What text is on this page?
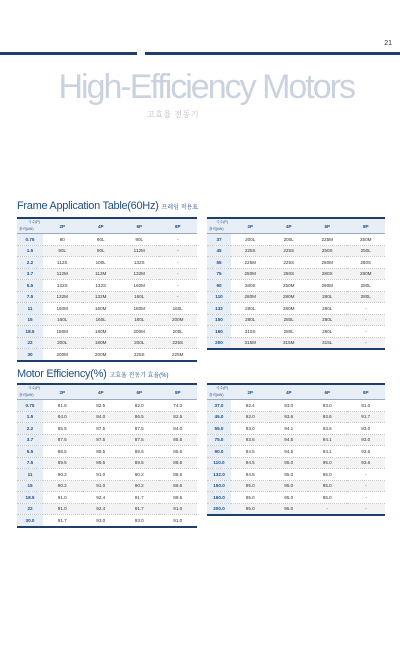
21
High-Efficiency Motors
고효율 전동기
Frame Application Table(60Hz) 프레임 적용표
극수(P)
출력(kW)	2P	4P	6P	8P
0.75	80	90L	90L	-
1.5	90L	90L	112M	-
2.2	112S	100L	132S	-
3.7	112M	112M	132M	-
5.5	132S	132S	160M	-
7.5	132M	132M	160L	-
11	160M	160M	180M	160L
15	160L	160L	180L	200M
18.5	180M	180M	200M	200L
22	200L	180M	200L	225S
30	200M	200M	225S	225M
극수(P)
출력(kW)	2P	4P	6P	8P
37	200L	200L	225M	250M
45	225S	225S	250S	250L
55	225M	225S	250M	280S
75	250M	250S	280S	280M
90	280S	250M	280M	280L
110	280M	280M	280L	280L
132	280L	280M	280L	-
150	280L	280L	280L	-
160	315S	280L	280L	-
200	315M	315M	315L	-
Motor Efficiency(%) 고효율 전동기 효율(%)
극수(P)
출력(kW)	2P	4P	6P	8P
0.75	81.6	82.5	82.0	74.0
1.5	84.0	84.0	86.5	82.5
2.2	85.5	87.5	87.5	84.0
3.7	87.5	87.5	87.5	85.5
5.5	88.5	89.5	89.5	85.5
7.5	89.5	89.5	89.5	88.5
11	90.2	91.0	90.2	88.5
15	90.2	91.0	90.2	89.5
18.5	91.0	92.4	91.7	89.5
22	91.0	92.4	91.7	91.0
30.0	91.7	93.0	93.0	91.0
극수(P)
출력(kW)	2P	4P	6P	8P
37.0	92.4	93.0	93.0	91.0
45.0	93.0	93.6	93.6	91.7
55.0	93.0	94.1	93.6	93.0
75.0	93.6	94.5	94.1	93.0
90.0	94.5	94.5	94.1	93.6
110.0	94.5	95.0	95.0	93.6
132.0	94.5	95.0	95.0	-
150.0	95.0	95.0	95.0	-
160.0	95.0	95.0	95.0	-
200.0	95.0	95.0	-	-
